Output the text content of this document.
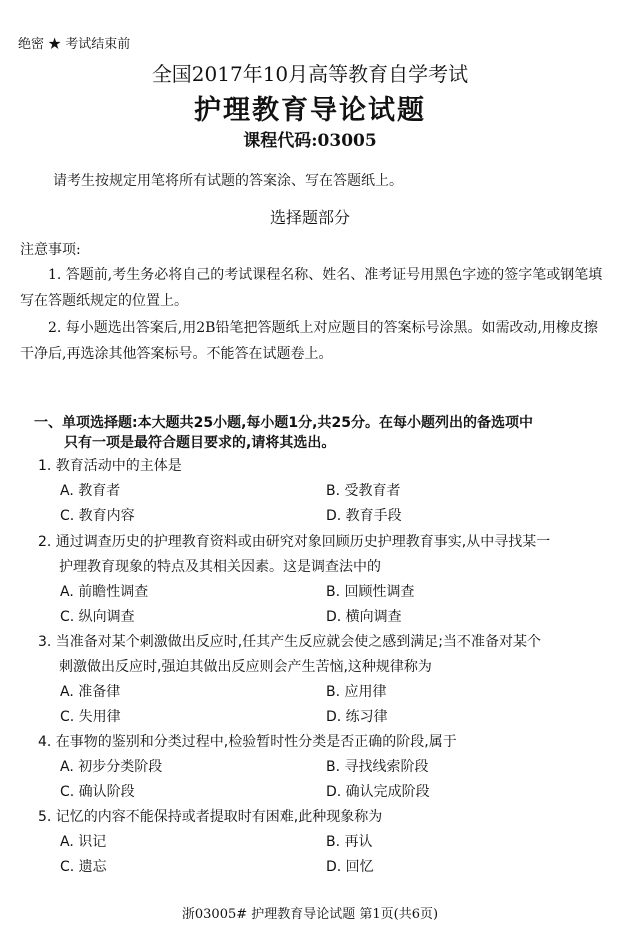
绝密 ★ 考试结束前
全国2017年10月高等教育自学考试
护理教育导论试题
课程代码:03005
请考生按规定用笔将所有试题的答案涂、写在答题纸上。
选择题部分
注意事项:
1. 答题前,考生务必将自己的考试课程名称、姓名、准考证号用黑色字迹的签字笔或钢笔填写在答题纸规定的位置上。
2. 每小题选出答案后,用2B铅笔把答题纸上对应题目的答案标号涂黑。如需改动,用橡皮擦干净后,再选涂其他答案标号。不能答在试题卷上。
一、单项选择题:本大题共25小题,每小题1分,共25分。在每小题列出的备选项中
只有一项是最符合题目要求的,请将其选出。
1. 教育活动中的主体是
A. 教育者	B. 受教育者
C. 教育内容	D. 教育手段
2. 通过调查历史的护理教育资料或由研究对象回顾历史护理教育事实,从中寻找某一
护理教育现象的特点及其相关因素。这是调查法中的
A. 前瞻性调查	B. 回顾性调查
C. 纵向调查	D. 横向调查
3. 当准备对某个刺激做出反应时,任其产生反应就会使之感到满足;当不准备对某个
刺激做出反应时,强迫其做出反应则会产生苦恼,这种规律称为
A. 准备律	B. 应用律
C. 失用律	D. 练习律
4. 在事物的鉴别和分类过程中,检验暂时性分类是否正确的阶段,属于
A. 初步分类阶段	B. 寻找线索阶段
C. 确认阶段	D. 确认完成阶段
5. 记忆的内容不能保持或者提取时有困难,此种现象称为
A. 识记	B. 再认
C. 遗忘	D. 回忆
浙03005# 护理教育导论试题 第1页(共6页)
